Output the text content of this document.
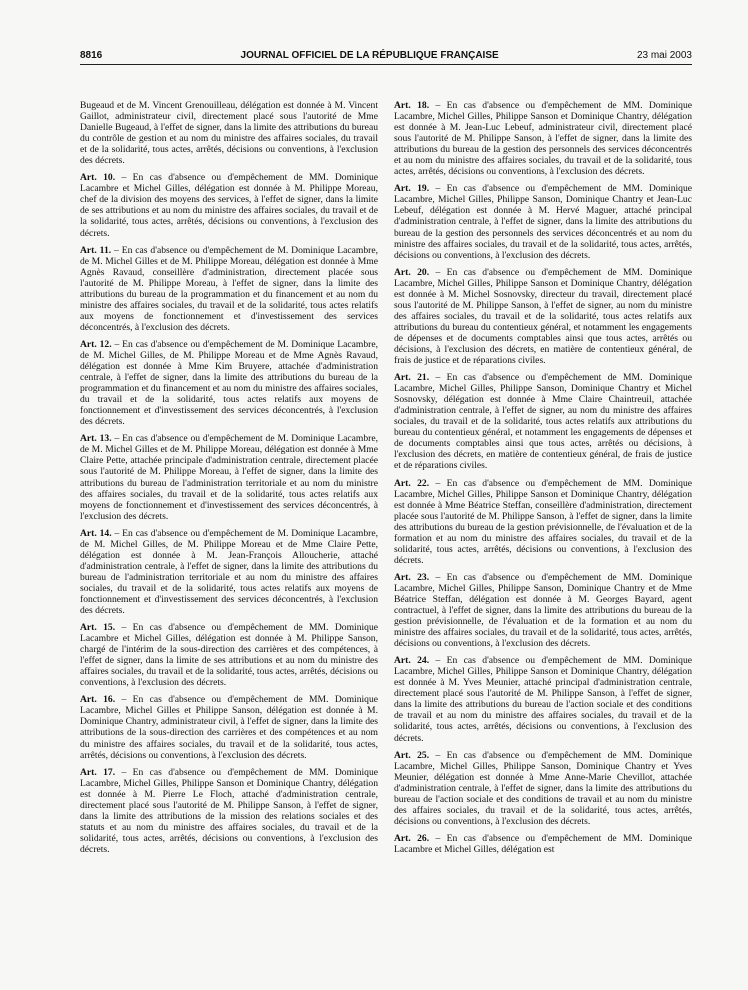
8816	JOURNAL OFFICIEL DE LA RÉPUBLIQUE FRANÇAISE	23 mai 2003

Bugeaud et de M. Vincent Grenouilleau, délégation est donnée à M. Vincent Gaillot, administrateur civil, directement placé sous l'autorité de Mme Danielle Bugeaud, à l'effet de signer, dans la limite des attributions du bureau du contrôle de gestion et au nom du ministre des affaires sociales, du travail et de la solidarité, tous actes, arrêtés, décisions ou conventions, à l'exclusion des décrets.

Art. 10. – En cas d'absence ou d'empêchement de MM. Dominique Lacambre et Michel Gilles, délégation est donnée à M. Philippe Moreau, chef de la division des moyens des services, à l'effet de signer, dans la limite de ses attributions et au nom du ministre des affaires sociales, du travail et de la solidarité, tous actes, arrêtés, décisions ou conventions, à l'exclusion des décrets.

Art. 11. – En cas d'absence ou d'empêchement de M. Dominique Lacambre, de M. Michel Gilles et de M. Philippe Moreau, délégation est donnée à Mme Agnès Ravaud, conseillère d'administration, directement placée sous l'autorité de M. Philippe Moreau, à l'effet de signer, dans la limite des attributions du bureau de la programmation et du financement et au nom du ministre des affaires sociales, du travail et de la solidarité, tous actes relatifs aux moyens de fonctionnement et d'investissement des services déconcentrés, à l'exclusion des décrets.

Art. 12. – En cas d'absence ou d'empêchement de M. Dominique Lacambre, de M. Michel Gilles, de M. Philippe Moreau et de Mme Agnès Ravaud, délégation est donnée à Mme Kim Bruyere, attachée d'administration centrale, à l'effet de signer, dans la limite des attributions du bureau de la programmation et du financement et au nom du ministre des affaires sociales, du travail et de la solidarité, tous actes relatifs aux moyens de fonctionnement et d'investissement des services déconcentrés, à l'exclusion des décrets.

Art. 13. – En cas d'absence ou d'empêchement de M. Dominique Lacambre, de M. Michel Gilles et de M. Philippe Moreau, délégation est donnée à Mme Claire Pette, attachée principale d'administration centrale, directement placée sous l'autorité de M. Philippe Moreau, à l'effet de signer, dans la limite des attributions du bureau de l'administration territoriale et au nom du ministre des affaires sociales, du travail et de la solidarité, tous actes relatifs aux moyens de fonctionnement et d'investissement des services déconcentrés, à l'exclusion des décrets.

Art. 14. – En cas d'absence ou d'empêchement de M. Dominique Lacambre, de M. Michel Gilles, de M. Philippe Moreau et de Mme Claire Pette, délégation est donnée à M. Jean-François Alloucherie, attaché d'administration centrale, à l'effet de signer, dans la limite des attributions du bureau de l'administration territoriale et au nom du ministre des affaires sociales, du travail et de la solidarité, tous actes relatifs aux moyens de fonctionnement et d'investissement des services déconcentrés, à l'exclusion des décrets.

Art. 15. – En cas d'absence ou d'empêchement de MM. Dominique Lacambre et Michel Gilles, délégation est donnée à M. Philippe Sanson, chargé de l'intérim de la sous-direction des carrières et des compétences, à l'effet de signer, dans la limite de ses attributions et au nom du ministre des affaires sociales, du travail et de la solidarité, tous actes, arrêtés, décisions ou conventions, à l'exclusion des décrets.

Art. 16. – En cas d'absence ou d'empêchement de MM. Dominique Lacambre, Michel Gilles et Philippe Sanson, délégation est donnée à M. Dominique Chantry, administrateur civil, à l'effet de signer, dans la limite des attributions de la sous-direction des carrières et des compétences et au nom du ministre des affaires sociales, du travail et de la solidarité, tous actes, arrêtés, décisions ou conventions, à l'exclusion des décrets.

Art. 17. – En cas d'absence ou d'empêchement de MM. Dominique Lacambre, Michel Gilles, Philippe Sanson et Dominique Chantry, délégation est donnée à M. Pierre Le Floch, attaché d'administration centrale, directement placé sous l'autorité de M. Philippe Sanson, à l'effet de signer, dans la limite des attributions de la mission des relations sociales et des statuts et au nom du ministre des affaires sociales, du travail et de la solidarité, tous actes, arrêtés, décisions ou conventions, à l'exclusion des décrets.

Art. 18. – En cas d'absence ou d'empêchement de MM. Dominique Lacambre, Michel Gilles, Philippe Sanson et Dominique Chantry, délégation est donnée à M. Jean-Luc Lebeuf, administrateur civil, directement placé sous l'autorité de M. Philippe Sanson, à l'effet de signer, dans la limite des attributions du bureau de la gestion des personnels des services déconcentrés et au nom du ministre des affaires sociales, du travail et de la solidarité, tous actes, arrêtés, décisions ou conventions, à l'exclusion des décrets.

Art. 19. – En cas d'absence ou d'empêchement de MM. Dominique Lacambre, Michel Gilles, Philippe Sanson, Dominique Chantry et Jean-Luc Lebeuf, délégation est donnée à M. Hervé Maguer, attaché principal d'administration centrale, à l'effet de signer, dans la limite des attributions du bureau de la gestion des personnels des services déconcentrés et au nom du ministre des affaires sociales, du travail et de la solidarité, tous actes, arrêtés, décisions ou conventions, à l'exclusion des décrets.

Art. 20. – En cas d'absence ou d'empêchement de MM. Dominique Lacambre, Michel Gilles, Philippe Sanson et Dominique Chantry, délégation est donnée à M. Michel Sosnovsky, directeur du travail, directement placé sous l'autorité de M. Philippe Sanson, à l'effet de signer, au nom du ministre des affaires sociales, du travail et de la solidarité, tous actes relatifs aux attributions du bureau du contentieux général, et notamment les engagements de dépenses et de documents comptables ainsi que tous actes, arrêtés ou décisions, à l'exclusion des décrets, en matière de contentieux général, de frais de justice et de réparations civiles.

Art. 21. – En cas d'absence ou d'empêchement de MM. Dominique Lacambre, Michel Gilles, Philippe Sanson, Dominique Chantry et Michel Sosnovsky, délégation est donnée à Mme Claire Chaintreuil, attachée d'administration centrale, à l'effet de signer, au nom du ministre des affaires sociales, du travail et de la solidarité, tous actes relatifs aux attributions du bureau du contentieux général, et notamment les engagements de dépenses et de documents comptables ainsi que tous actes, arrêtés ou décisions, à l'exclusion des décrets, en matière de contentieux général, de frais de justice et de réparations civiles.

Art. 22. – En cas d'absence ou d'empêchement de MM. Dominique Lacambre, Michel Gilles, Philippe Sanson et Dominique Chantry, délégation est donnée à Mme Béatrice Steffan, conseillère d'administration, directement placée sous l'autorité de M. Philippe Sanson, à l'effet de signer, dans la limite des attributions du bureau de la gestion prévisionnelle, de l'évaluation et de la formation et au nom du ministre des affaires sociales, du travail et de la solidarité, tous actes, arrêtés, décisions ou conventions, à l'exclusion des décrets.

Art. 23. – En cas d'absence ou d'empêchement de MM. Dominique Lacambre, Michel Gilles, Philippe Sanson, Dominique Chantry et de Mme Béatrice Steffan, délégation est donnée à M. Georges Bayard, agent contractuel, à l'effet de signer, dans la limite des attributions du bureau de la gestion prévisionnelle, de l'évaluation et de la formation et au nom du ministre des affaires sociales, du travail et de la solidarité, tous actes, arrêtés, décisions ou conventions, à l'exclusion des décrets.

Art. 24. – En cas d'absence ou d'empêchement de MM. Dominique Lacambre, Michel Gilles, Philippe Sanson et Dominique Chantry, délégation est donnée à M. Yves Meunier, attaché principal d'administration centrale, directement placé sous l'autorité de M. Philippe Sanson, à l'effet de signer, dans la limite des attributions du bureau de l'action sociale et des conditions de travail et au nom du ministre des affaires sociales, du travail et de la solidarité, tous actes, arrêtés, décisions ou conventions, à l'exclusion des décrets.

Art. 25. – En cas d'absence ou d'empêchement de MM. Dominique Lacambre, Michel Gilles, Philippe Sanson, Dominique Chantry et Yves Meunier, délégation est donnée à Mme Anne-Marie Chevillot, attachée d'administration centrale, à l'effet de signer, dans la limite des attributions du bureau de l'action sociale et des conditions de travail et au nom du ministre des affaires sociales, du travail et de la solidarité, tous actes, arrêtés, décisions ou conventions, à l'exclusion des décrets.

Art. 26. – En cas d'absence ou d'empêchement de MM. Dominique Lacambre et Michel Gilles, délégation est
